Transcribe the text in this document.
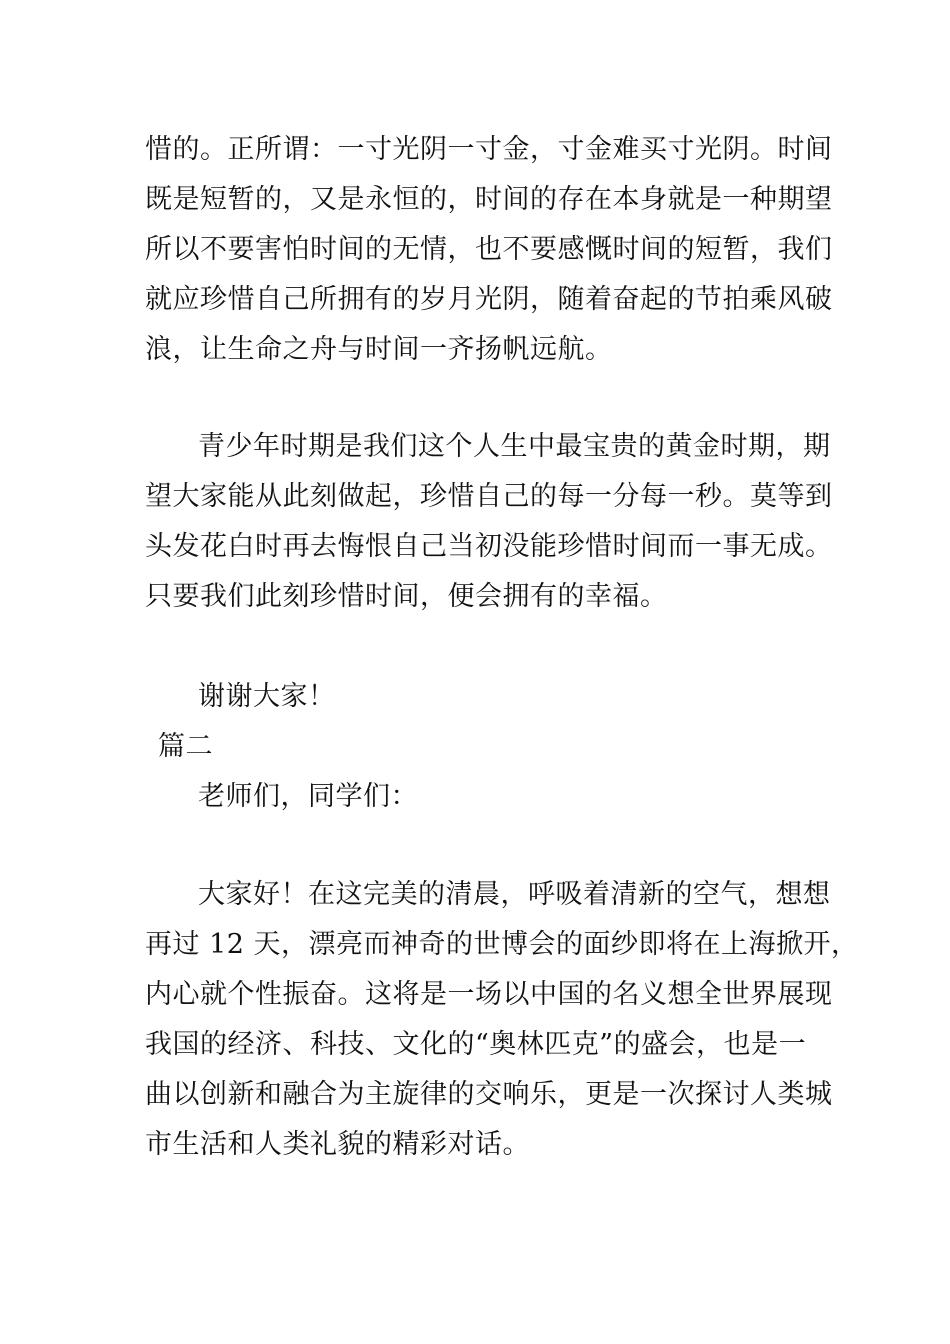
惜的。正所谓：一寸光阴一寸金，寸金难买寸光阴。时间
既是短暂的，又是永恒的，时间的存在本身就是一种期望
所以不要害怕时间的无情，也不要感慨时间的短暂，我们
就应珍惜自己所拥有的岁月光阴，随着奋起的节拍乘风破
浪，让生命之舟与时间一齐扬帆远航。
青少年时期是我们这个人生中最宝贵的黄金时期，期
望大家能从此刻做起，珍惜自己的每一分每一秒。莫等到
头发花白时再去悔恨自己当初没能珍惜时间而一事无成。
只要我们此刻珍惜时间，便会拥有的幸福。
谢谢大家！
篇二
老师们，同学们：
大家好！在这完美的清晨，呼吸着清新的空气，想想
再过 12 天，漂亮而神奇的世博会的面纱即将在上海掀开，
内心就个性振奋。这将是一场以中国的名义想全世界展现
我国的经济、科技、文化的“奥林匹克”的盛会，也是一
曲以创新和融合为主旋律的交响乐，更是一次探讨人类城
市生活和人类礼貌的精彩对话。
